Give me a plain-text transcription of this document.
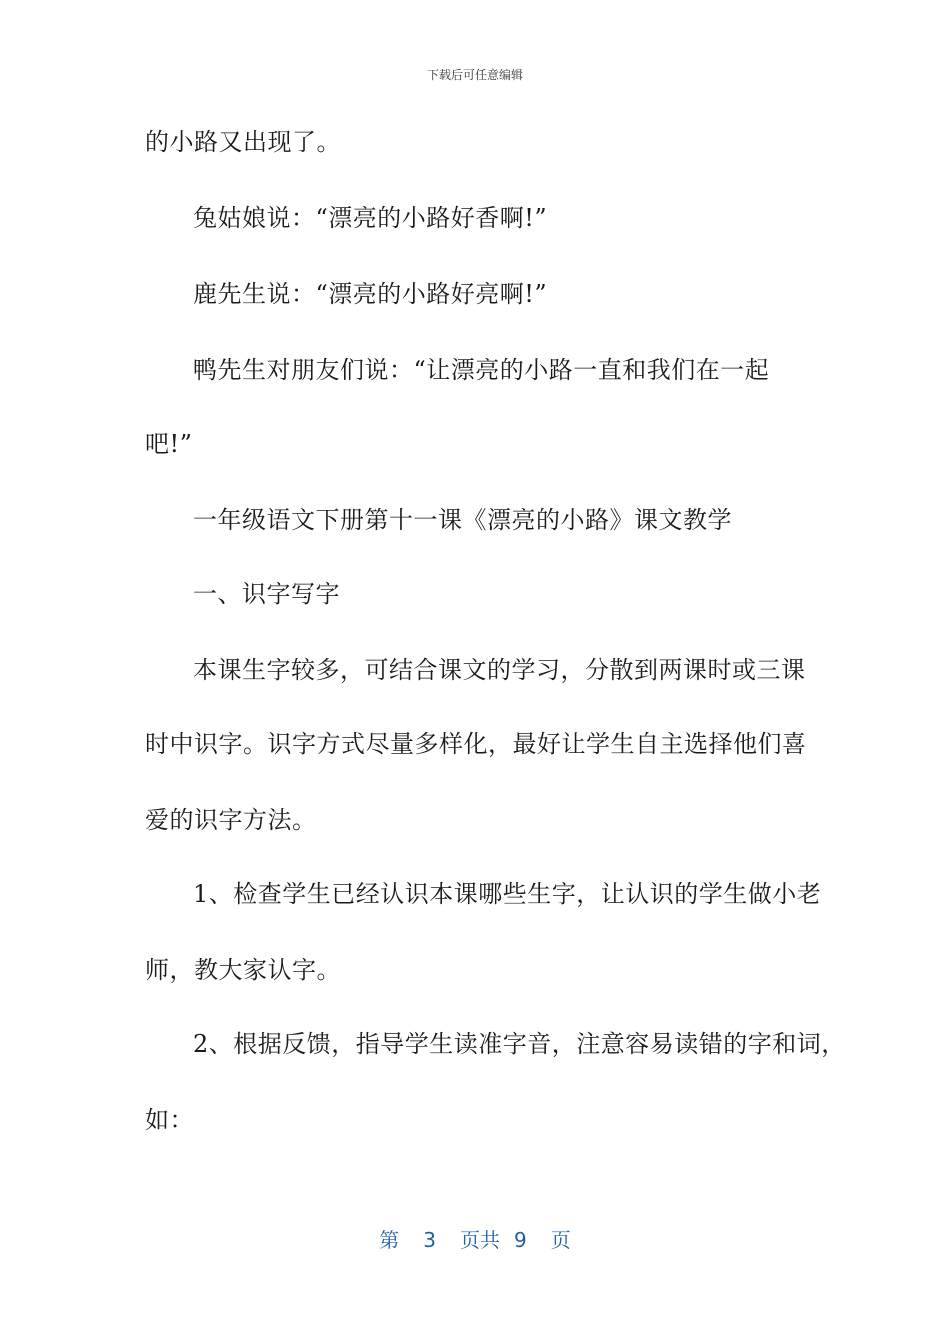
下载后可任意编辑
的小路又出现了。
兔姑娘说：“漂亮的小路好香啊!”
鹿先生说：“漂亮的小路好亮啊!”
鸭先生对朋友们说：“让漂亮的小路一直和我们在一起
吧!”
一年级语文下册第十一课《漂亮的小路》课文教学
一、识字写字
本课生字较多，可结合课文的学习，分散到两课时或三课
时中识字。识字方式尽量多样化，最好让学生自主选择他们喜
爱的识字方法。
1、检查学生已经认识本课哪些生字，让认识的学生做小老
师，教大家认字。
2、根据反馈，指导学生读准字音，注意容易读错的字和词，
如：
第 3 页共 9 页
